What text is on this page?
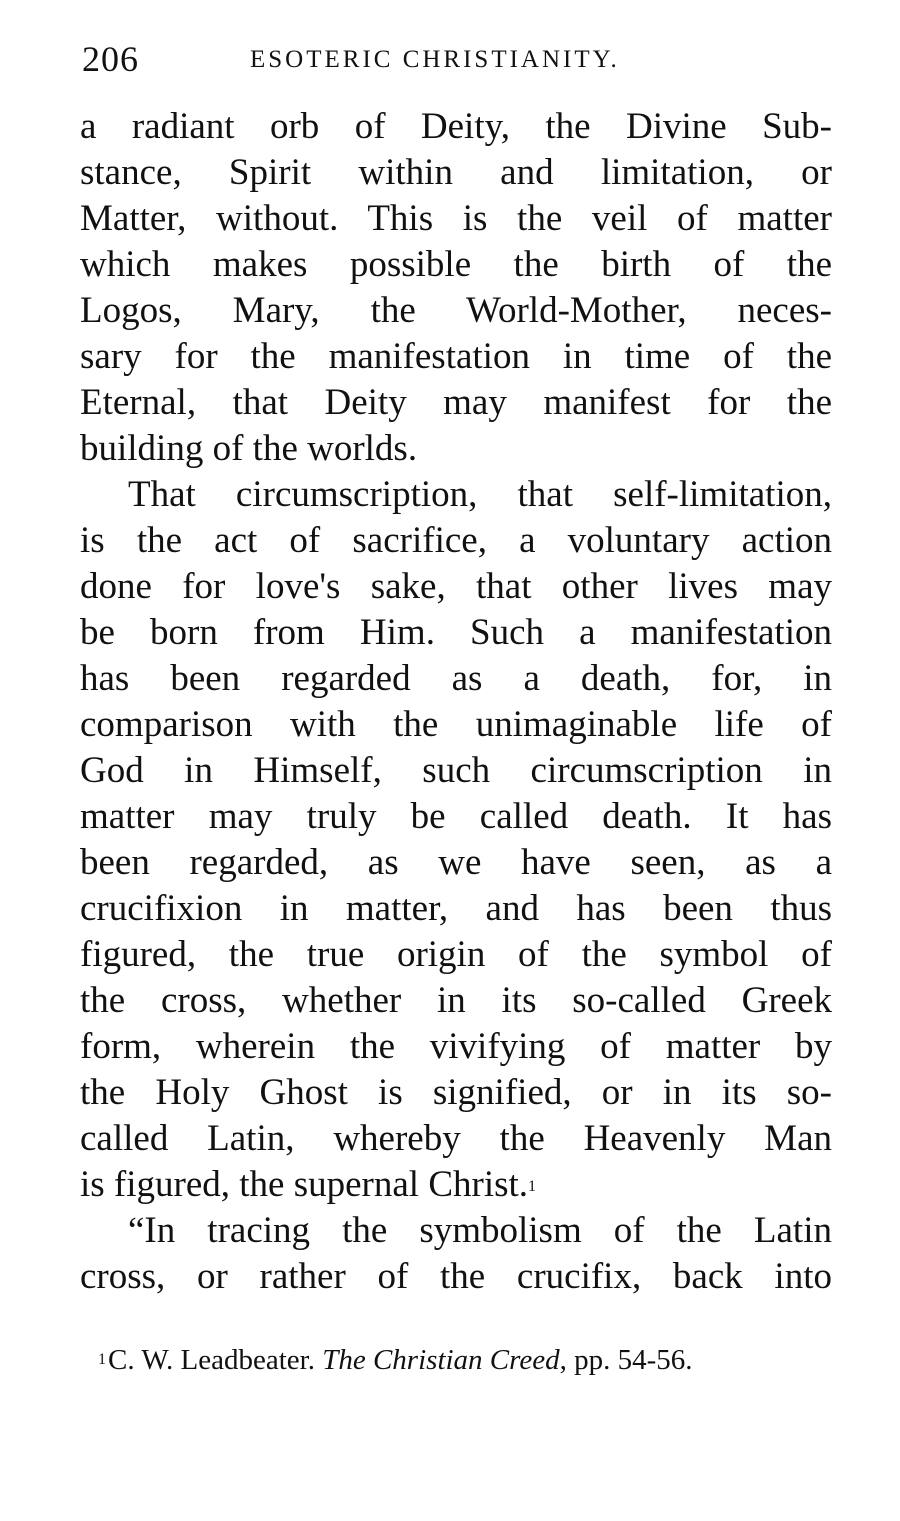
206	ESOTERIC CHRISTIANITY.
a radiant orb of Deity, the Divine Sub-
stance, Spirit within and limitation, or
Matter, without. This is the veil of matter
which makes possible the birth of the
Logos, Mary, the World-Mother, neces-
sary for the manifestation in time of the
Eternal, that Deity may manifest for the
building of the worlds.
That circumscription, that self-limitation,
is the act of sacrifice, a voluntary action
done for love's sake, that other lives may
be born from Him. Such a manifestation
has been regarded as a death, for, in
comparison with the unimaginable life of
God in Himself, such circumscription in
matter may truly be called death. It has
been regarded, as we have seen, as a
crucifixion in matter, and has been thus
figured, the true origin of the symbol of
the cross, whether in its so-called Greek
form, wherein the vivifying of matter by
the Holy Ghost is signified, or in its so-
called Latin, whereby the Heavenly Man
is figured, the supernal Christ.$^1$
“In tracing the symbolism of the Latin
cross, or rather of the crucifix, back into
$^1$C. W. Leadbeater. The Christian Creed, pp. 54-56.
